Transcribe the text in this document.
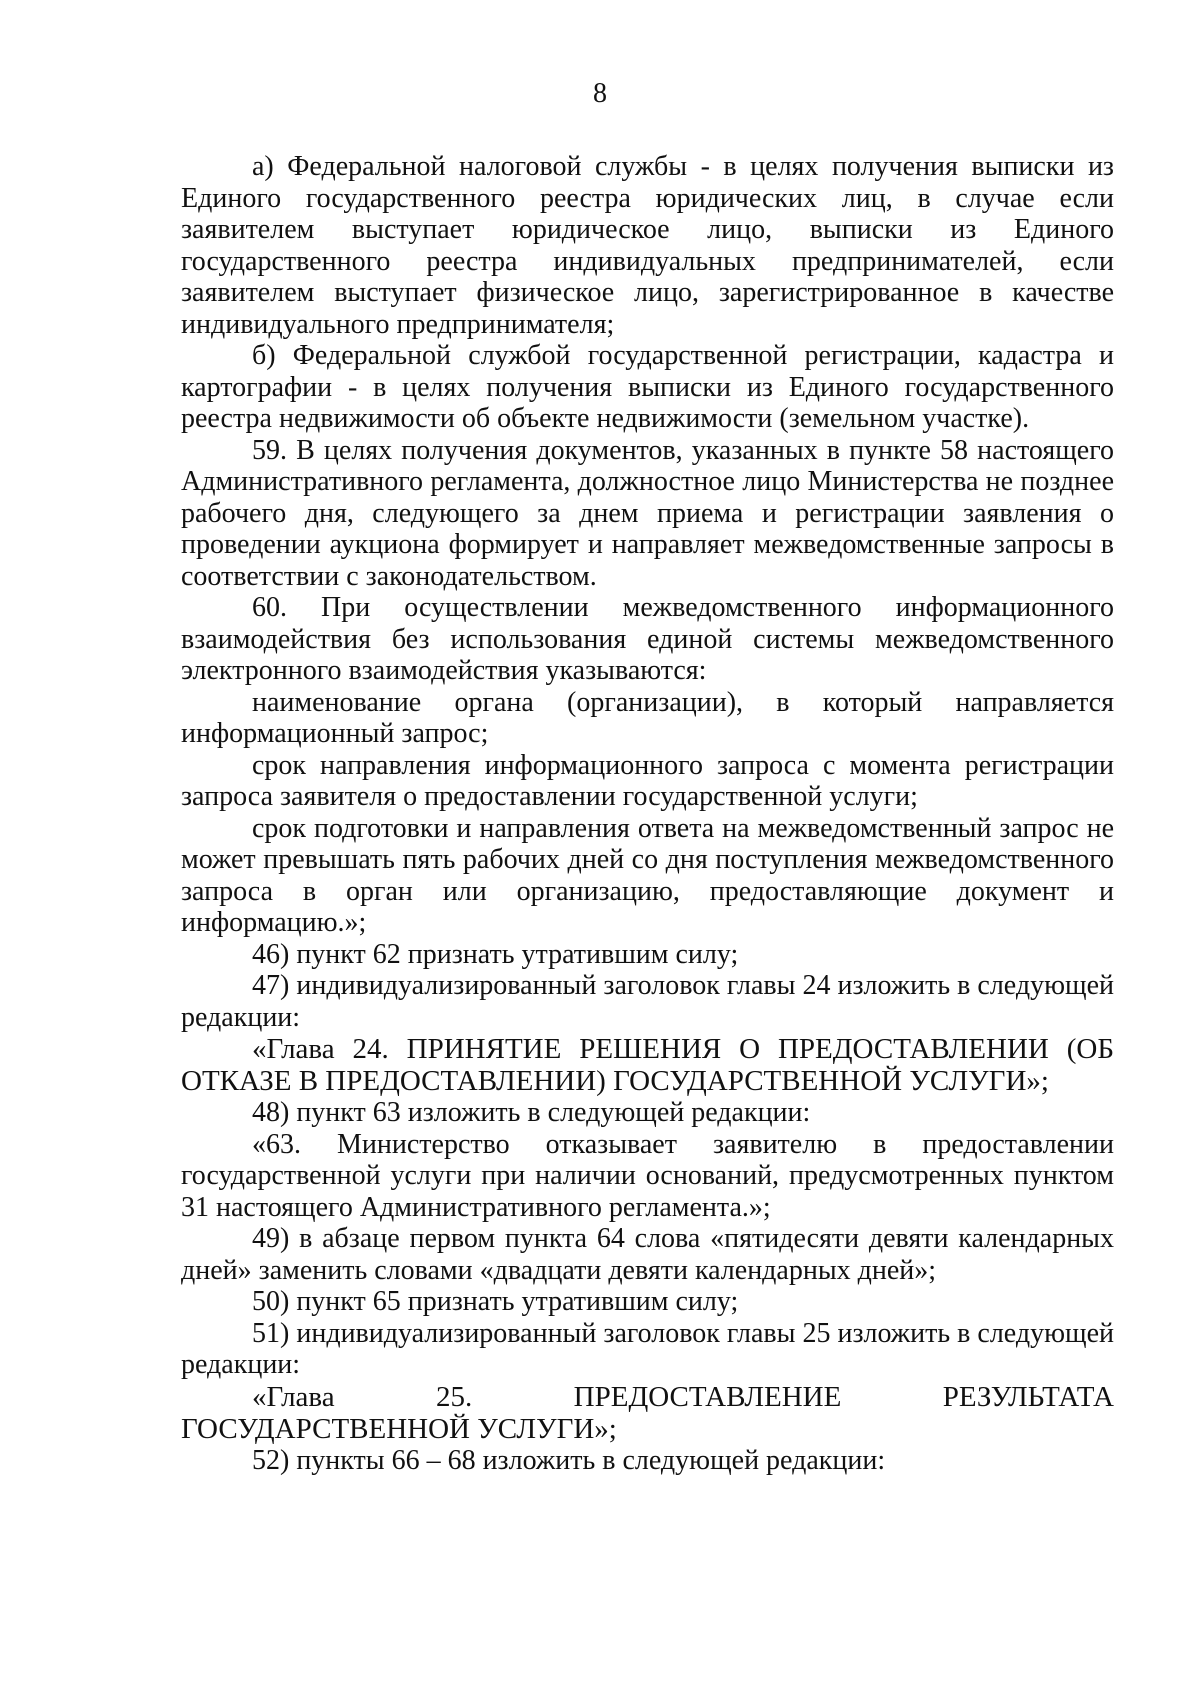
8

а) Федеральной налоговой службы - в целях получения выписки из Единого государственного реестра юридических лиц, в случае если заявителем выступает юридическое лицо, выписки из Единого государственного реестра индивидуальных предпринимателей, если заявителем выступает физическое лицо, зарегистрированное в качестве индивидуального предпринимателя;

б) Федеральной службой государственной регистрации, кадастра и картографии - в целях получения выписки из Единого государственного реестра недвижимости об объекте недвижимости (земельном участке).

59. В целях получения документов, указанных в пункте 58 настоящего Административного регламента, должностное лицо Министерства не позднее рабочего дня, следующего за днем приема и регистрации заявления о проведении аукциона формирует и направляет межведомственные запросы в соответствии с законодательством.

60. При осуществлении межведомственного информационного взаимодействия без использования единой системы межведомственного электронного взаимодействия указываются:

наименование органа (организации), в который направляется информационный запрос;

срок направления информационного запроса с момента регистрации запроса заявителя о предоставлении государственной услуги;

срок подготовки и направления ответа на межведомственный запрос не может превышать пять рабочих дней со дня поступления межведомственного запроса в орган или организацию, предоставляющие документ и информацию.»;

46) пункт 62 признать утратившим силу;

47) индивидуализированный заголовок главы 24 изложить в следующей редакции:

«Глава 24. ПРИНЯТИЕ РЕШЕНИЯ О ПРЕДОСТАВЛЕНИИ (ОБ ОТКАЗЕ В ПРЕДОСТАВЛЕНИИ) ГОСУДАРСТВЕННОЙ УСЛУГИ»;

48) пункт 63 изложить в следующей редакции:

«63. Министерство отказывает заявителю в предоставлении государственной услуги при наличии оснований, предусмотренных пунктом 31 настоящего Административного регламента.»;

49) в абзаце первом пункта 64 слова «пятидесяти девяти календарных дней» заменить словами «двадцати девяти календарных дней»;

50) пункт 65 признать утратившим силу;

51) индивидуализированный заголовок главы 25 изложить в следующей редакции:

«Глава 25. ПРЕДОСТАВЛЕНИЕ РЕЗУЛЬТАТА ГОСУДАРСТВЕННОЙ УСЛУГИ»;

52) пункты 66 – 68 изложить в следующей редакции:
